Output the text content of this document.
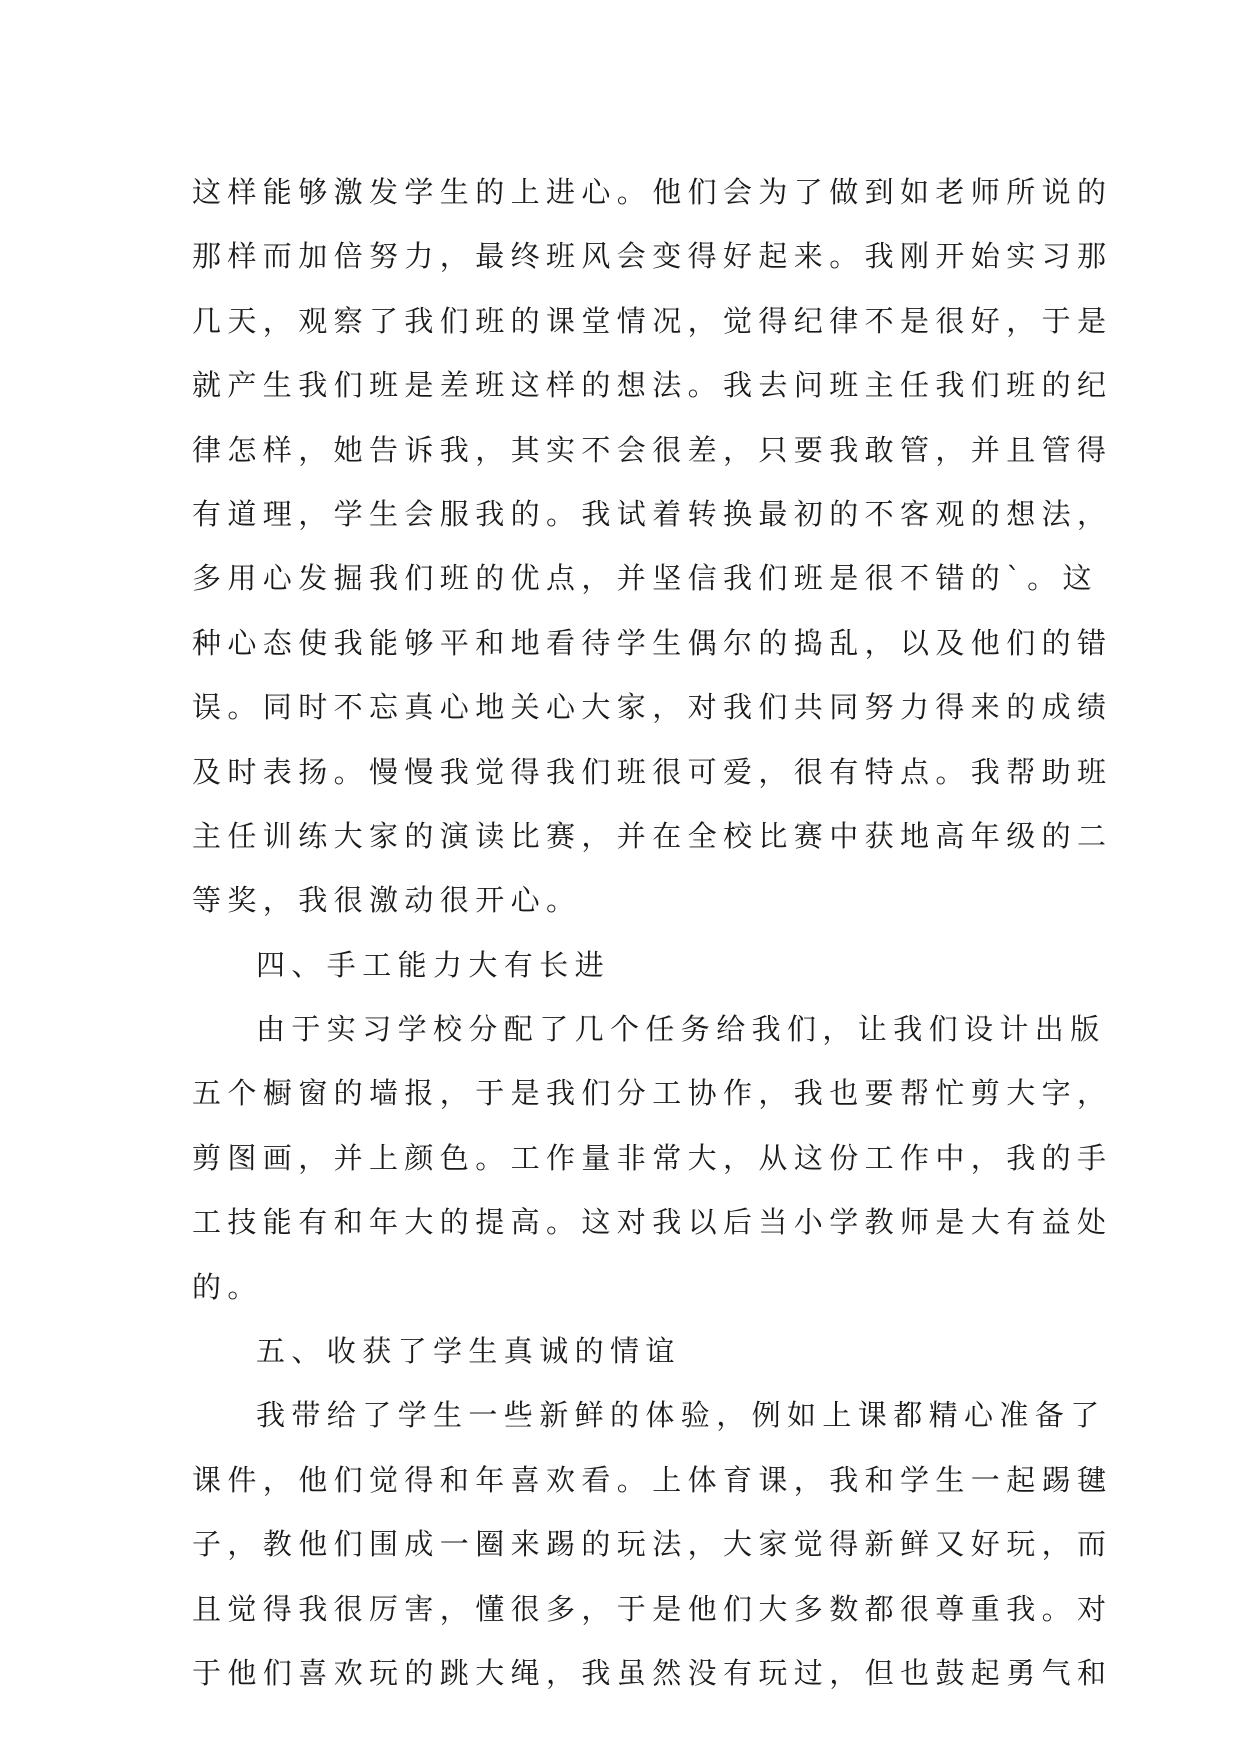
这样能够激发学生的上进心。他们会为了做到如老师所说的
那样而加倍努力，最终班风会变得好起来。我刚开始实习那
几天，观察了我们班的课堂情况，觉得纪律不是很好，于是
就产生我们班是差班这样的想法。我去问班主任我们班的纪
律怎样，她告诉我，其实不会很差，只要我敢管，并且管得
有道理，学生会服我的。我试着转换最初的不客观的想法，
多用心发掘我们班的优点，并坚信我们班是很不错的`。这
种心态使我能够平和地看待学生偶尔的捣乱，以及他们的错
误。同时不忘真心地关心大家，对我们共同努力得来的成绩
及时表扬。慢慢我觉得我们班很可爱，很有特点。我帮助班
主任训练大家的演读比赛，并在全校比赛中获地高年级的二
等奖，我很激动很开心。
四、手工能力大有长进
由于实习学校分配了几个任务给我们，让我们设计出版
五个橱窗的墙报，于是我们分工协作，我也要帮忙剪大字，
剪图画，并上颜色。工作量非常大，从这份工作中，我的手
工技能有和年大的提高。这对我以后当小学教师是大有益处
的。
五、收获了学生真诚的情谊
我带给了学生一些新鲜的体验，例如上课都精心准备了
课件，他们觉得和年喜欢看。上体育课，我和学生一起踢毽
子，教他们围成一圈来踢的玩法，大家觉得新鲜又好玩，而
且觉得我很厉害，懂很多，于是他们大多数都很尊重我。对
于他们喜欢玩的跳大绳，我虽然没有玩过，但也鼓起勇气和
